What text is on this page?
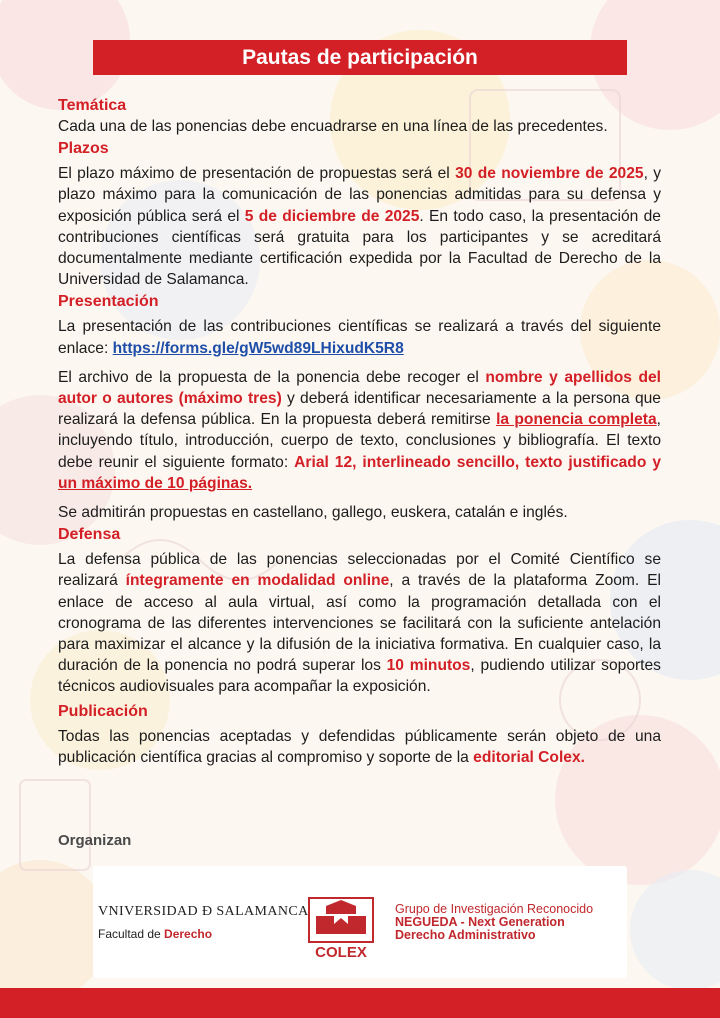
Pautas de participación
Temática

Cada una de las ponencias debe encuadrarse en una línea de las precedentes.

Plazos

El plazo máximo de presentación de propuestas será el 30 de noviembre de 2025, y plazo máximo para la comunicación de las ponencias admitidas para su defensa y exposición pública será el 5 de diciembre de 2025. En todo caso, la presentación de contribuciones científicas será gratuita para los participantes y se acreditará documentalmente mediante certificación expedida por la Facultad de Derecho de la Universidad de Salamanca.

Presentación

La presentación de las contribuciones científicas se realizará a través del siguiente enlace: https://forms.gle/gW5wd89LHixudK5R8

El archivo de la propuesta de la ponencia debe recoger el nombre y apellidos del autor o autores (máximo tres) y deberá identificar necesariamente a la persona que realizará la defensa pública. En la propuesta deberá remitirse la ponencia completa, incluyendo título, introducción, cuerpo de texto, conclusiones y bibliografía. El texto debe reunir el siguiente formato: Arial 12, interlineado sencillo, texto justificado y un máximo de 10 páginas.

Se admitirán propuestas en castellano, gallego, euskera, catalán e inglés.

Defensa

La defensa pública de las ponencias seleccionadas por el Comité Científico se realizará íntegramente en modalidad online, a través de la plataforma Zoom. El enlace de acceso al aula virtual, así como la programación detallada con el cronograma de las diferentes intervenciones se facilitará con la suficiente antelación para maximizar el alcance y la difusión de la iniciativa formativa. En cualquier caso, la duración de la ponencia no podrá superar los 10 minutos, pudiendo utilizar soportes técnicos audiovisuales para acompañar la exposición.

Publicación

Todas las ponencias aceptadas y defendidas públicamente serán objeto de una publicación científica gracias al compromiso y soporte de la editorial Colex.

Organizan
VNIVERSIDAD Ð SALAMANCA
Facultad de Derecho
COLEX
Grupo de Investigación Reconocido
NEGUEDA - Next Generation
Derecho Administrativo
